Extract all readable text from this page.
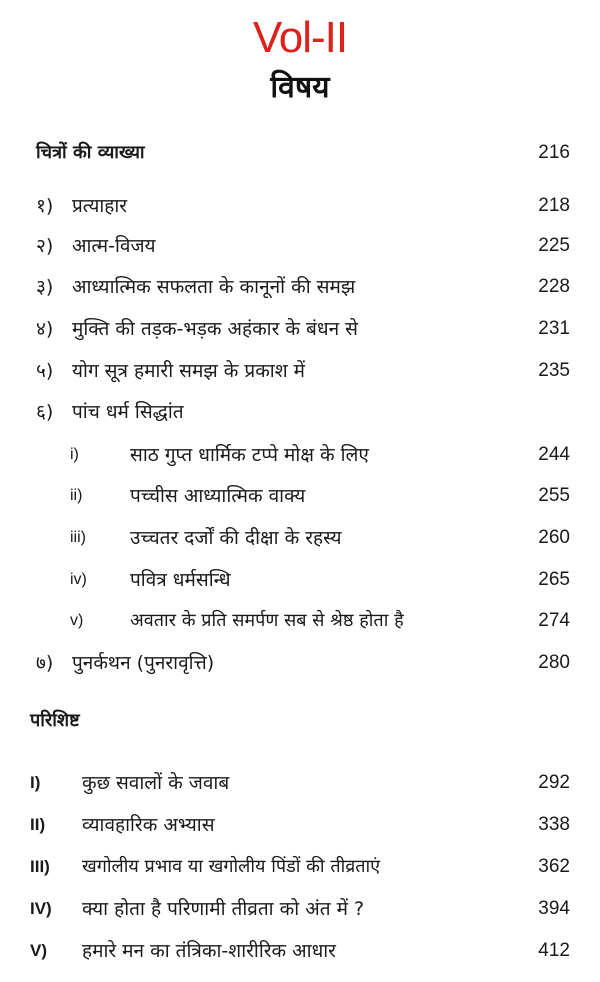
Vol-II
विषय
चित्रों की व्याख्या	216
१) प्रत्याहार	218
२) आत्म-विजय	225
३) आध्यात्मिक सफलता के कानूनों की समझ	228
४) मुक्ति की तड़क-भड़क अहंकार के बंधन से	231
५) योग सूत्र हमारी समझ के प्रकाश में	235
६) पांच धर्म सिद्धांत
i)	साठ गुप्त धार्मिक टप्पे मोक्ष के लिए	244
ii)	पच्चीस आध्यात्मिक वाक्य	255
iii) उच्चतर दर्जों की दीक्षा के रहस्य	260
iv) पवित्र धर्मसन्धि	265
v)	अवतार के प्रति समर्पण सब से श्रेष्ठ होता है	274
७) पुनर्कथन (पुनरावृत्ति)	280
परिशिष्ट
I) कुछ सवालों के जवाब	292
II) व्यावहारिक अभ्यास	338
III) खगोलीय प्रभाव या खगोलीय पिंडों की तीव्रताएं	362
IV) क्या होता है परिणामी तीव्रता को अंत में ?	394
V) हमारे मन का तंत्रिका-शारीरिक आधार	412
